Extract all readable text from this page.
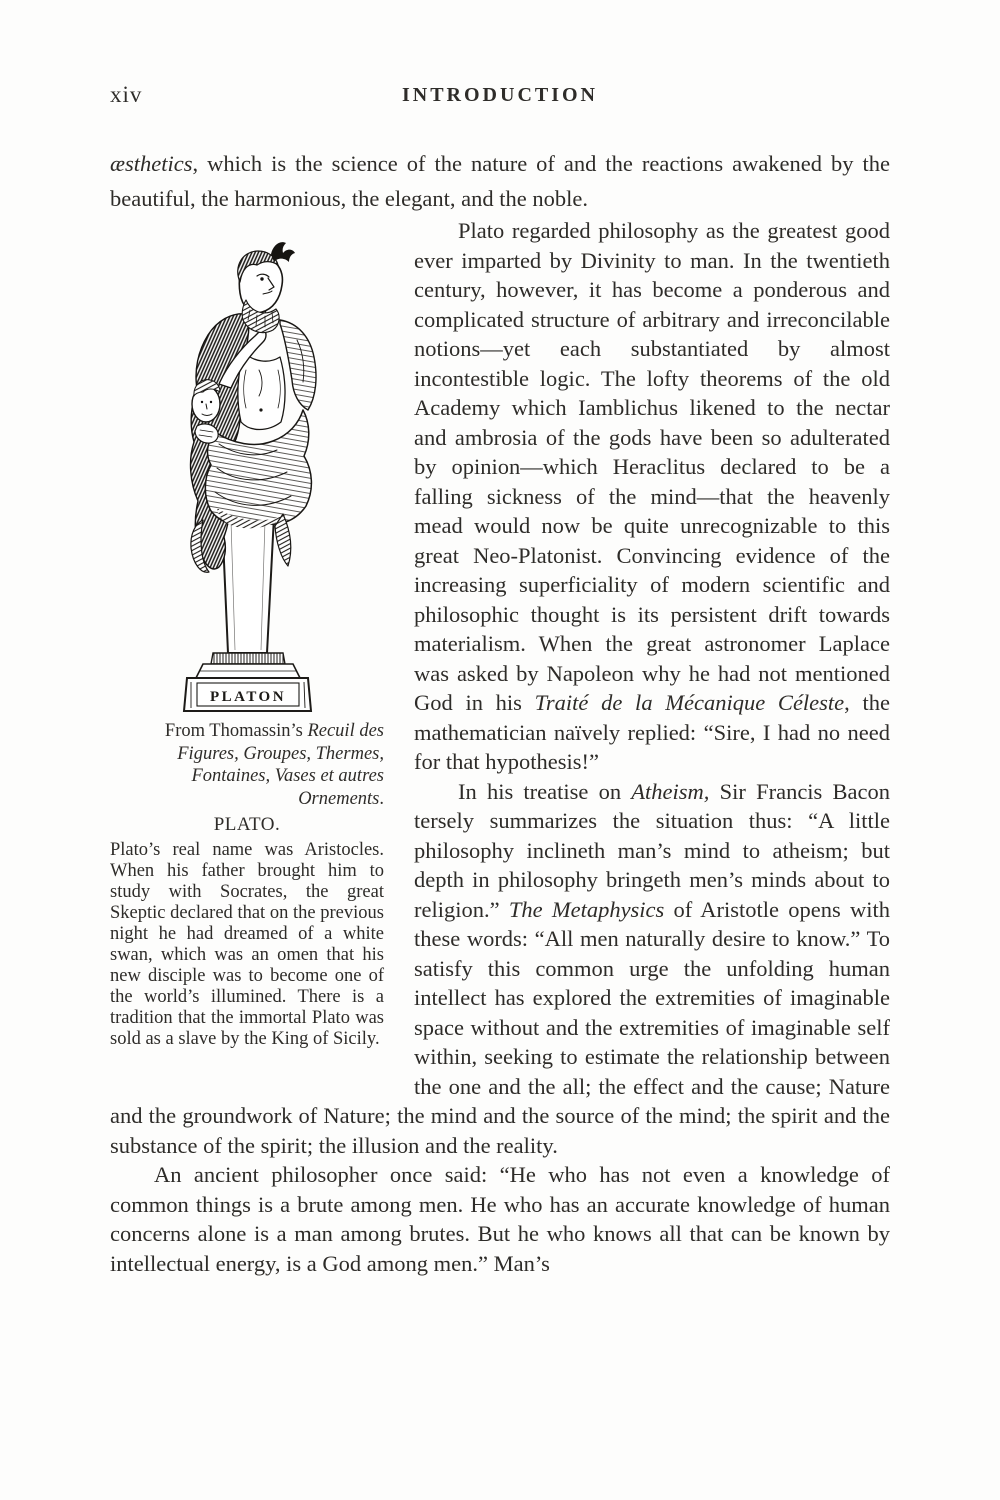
xiv	INTRODUCTION

æsthetics, which is the science of the nature of and the reactions awakened by the beautiful, the harmonious, the elegant, and the noble.

PLATON

From Thomassin’s Recuil des Figures, Groupes, Thermes, Fontaines, Vases et autres Ornements.

PLATO.

Plato’s real name was Aristocles. When his father brought him to study with Socrates, the great Skeptic declared that on the previous night he had dreamed of a white swan, which was an omen that his new disciple was to become one of the world’s illumined. There is a tradition that the immortal Plato was sold as a slave by the King of Sicily.

Plato regarded philosophy as the greatest good ever imparted by Divinity to man. In the twentieth century, however, it has become a ponderous and complicated structure of arbitrary and irreconcilable notions—yet each substantiated by almost incontestible logic. The lofty theorems of the old Academy which Iamblichus likened to the nectar and ambrosia of the gods have been so adulterated by opinion—which Heraclitus declared to be a falling sickness of the mind—that the heavenly mead would now be quite unrecognizable to this great Neo-Platonist. Convincing evidence of the increasing superficiality of modern scientific and philosophic thought is its persistent drift towards materialism. When the great astronomer Laplace was asked by Napoleon why he had not mentioned God in his Traité de la Mécanique Céleste, the mathematician naïvely replied: “Sire, I had no need for that hypothesis!”

In his treatise on Atheism, Sir Francis Bacon tersely summarizes the situation thus: “A little philosophy inclineth man’s mind to atheism; but depth in philosophy bringeth men’s minds about to religion.” The Metaphysics of Aristotle opens with these words: “All men naturally desire to know.” To satisfy this common urge the unfolding human intellect has explored the extremities of imaginable space without and the extremities of imaginable self within, seeking to estimate the relationship between the one and the all; the effect and the cause; Nature and the groundwork of Nature; the mind and the source of the mind; the spirit and the substance of the spirit; the illusion and the reality.

An ancient philosopher once said: “He who has not even a knowledge of common things is a brute among men. He who has an accurate knowledge of human concerns alone is a man among brutes. But he who knows all that can be known by intellectual energy, is a God among men.” Man’s
